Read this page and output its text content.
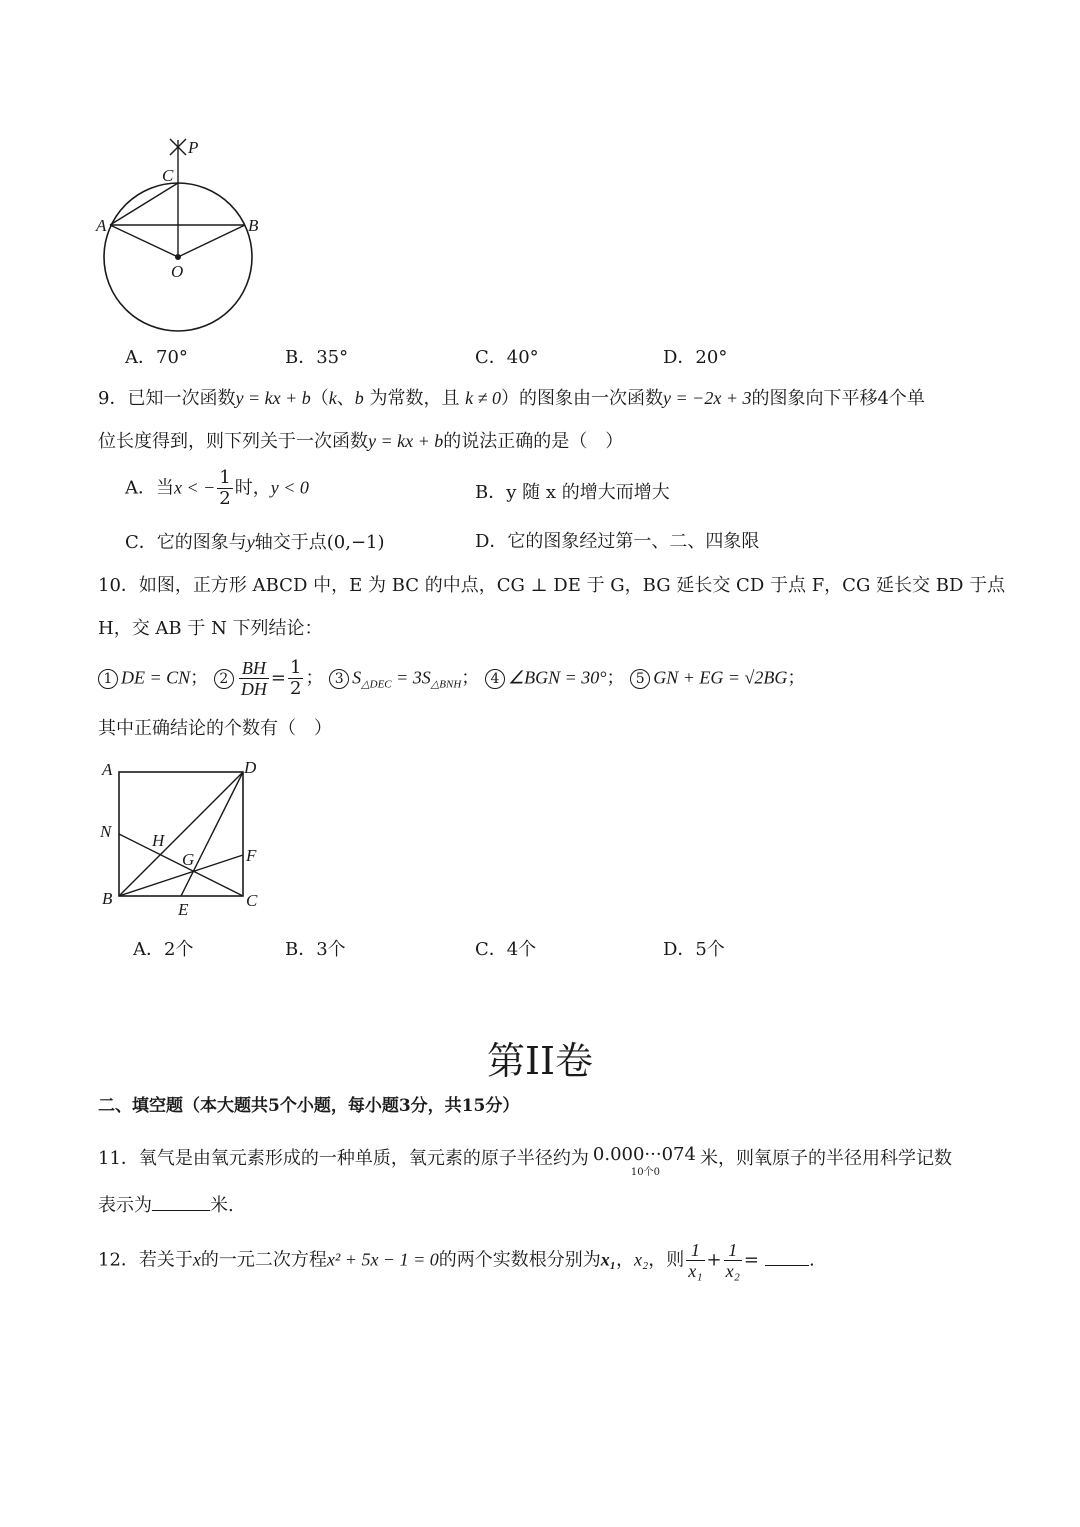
P
C
A	B
O
A．70°	B．35°	C．40°	D．20°
9．已知一次函数y = kx + b（k、b 为常数，且 k ≠ 0）的图象由一次函数y = −2x + 3的图象向下平移4个单
位长度得到，则下列关于一次函数y = kx + b的说法正确的是（　）
A．当x < − $\frac{1}{2}$ 时，y < 0	B．y 随 x 的增大而增大
C．它的图象与y轴交于点(0,−1)	D．它的图象经过第一、二、四象限
10．如图，正方形 ABCD 中，E 为 BC 的中点，CG ⊥ DE 于 G，BG 延长交 CD 于点 F，CG 延长交 BD 于点
H，交 AB 于 N 下列结论：
1 DE = CN； $2 \frac{BH}{DH} = \frac{1}{2}$ ； 3 $S_{\triangle DEC} = 3S_{\triangle BNH}$； 4 ∠BGN = 30°； 5 GN + EG = √2BG；
其中正确结论的个数有（　）
A	D
N H
G	F
B
E	C
A．2个	B．3个	C．4个	D．5个
第II卷
二、填空题（本大题共5个小题，每小题3分，共15分）
11．氧气是由氧元素形成的一种单质，氧元素的原子半径约为 0.000···074
10个0
米，则氧原子的半径用科学记数
表示为	米.
12．若关于x的一元二次方程x² + 5x − 1 = 0的两个实数根分别为x₁，x₂，则 $\frac{1}{\text{x₁}} + \frac{1}{\text{x₂}}$ =	.
